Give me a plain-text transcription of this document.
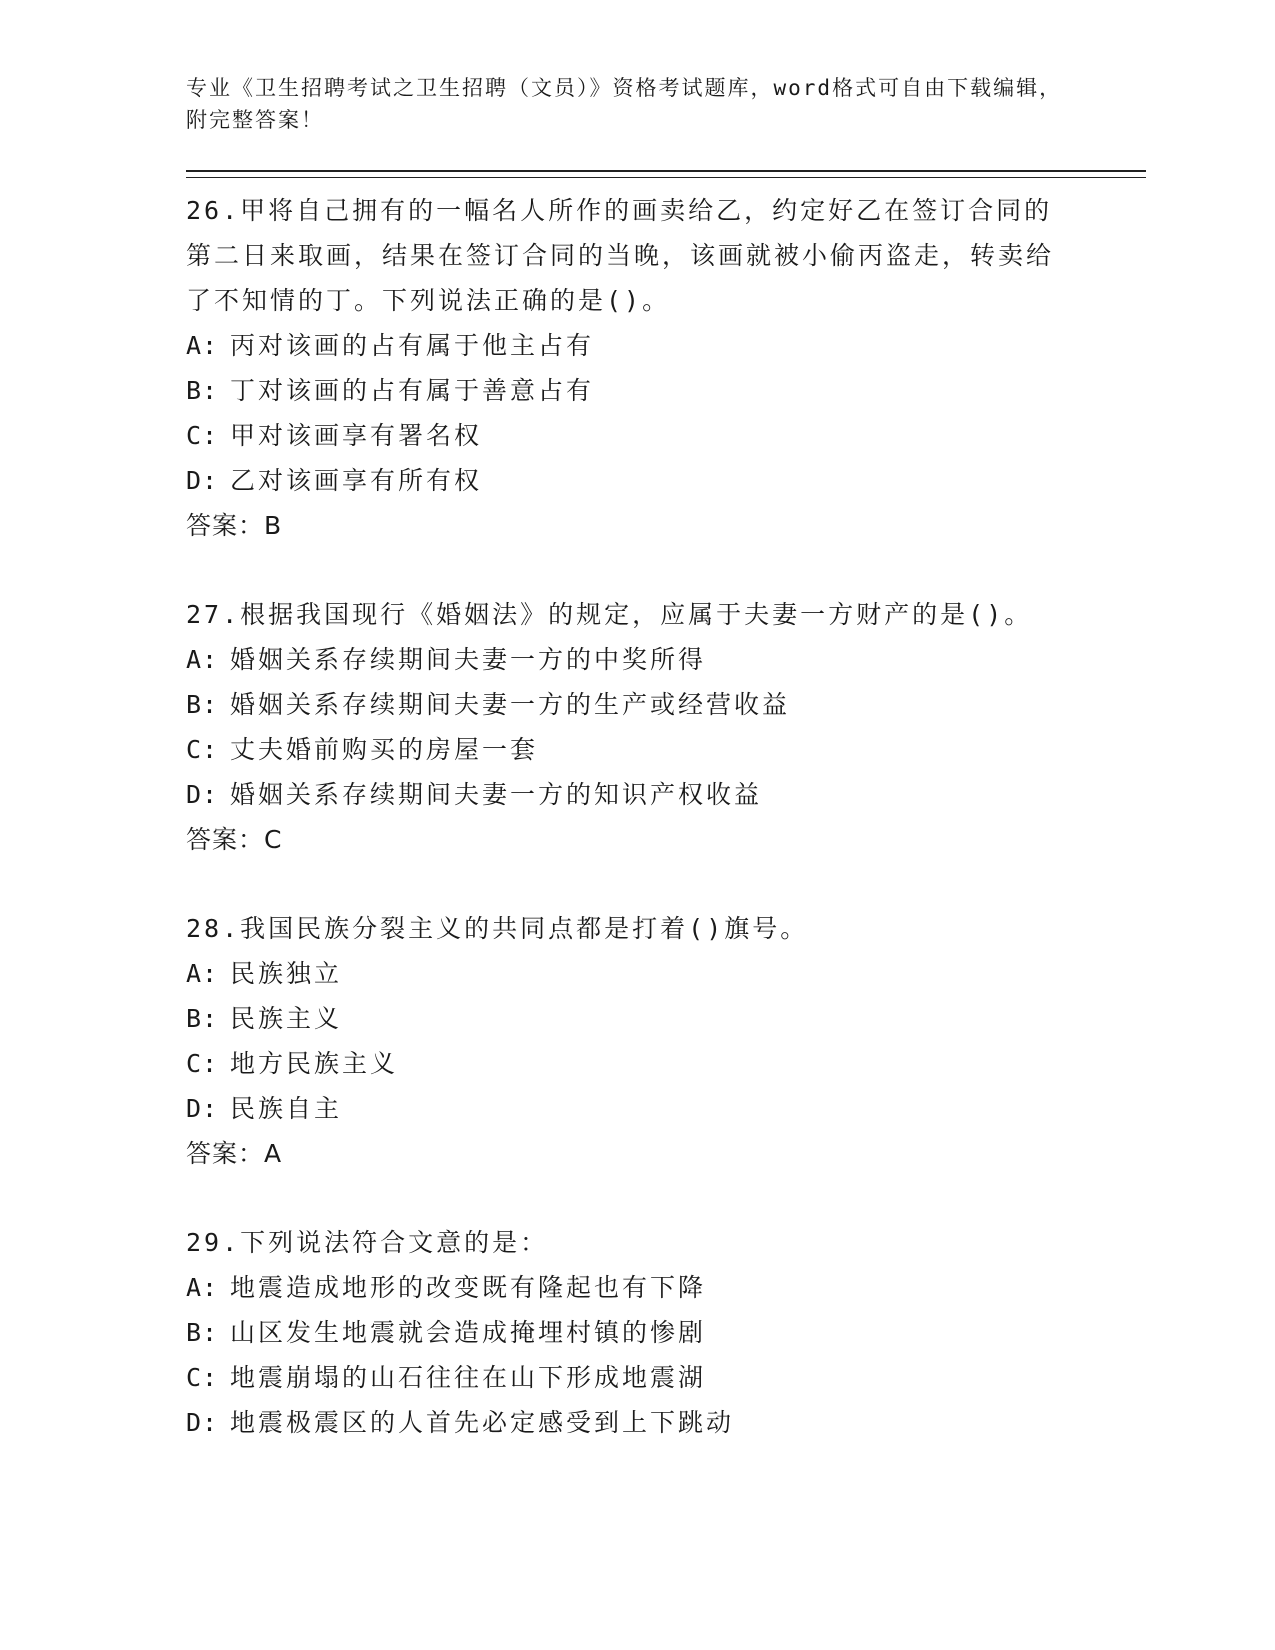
专业《卫生招聘考试之卫生招聘（文员）》资格考试题库，word格式可自由下载编辑，附完整答案！

26.甲将自己拥有的一幅名人所作的画卖给乙，约定好乙在签订合同的第二日来取画，结果在签订合同的当晚，该画就被小偷丙盗走，转卖给了不知情的丁。下列说法正确的是()。

A: 丙对该画的占有属于他主占有

B: 丁对该画的占有属于善意占有

C: 甲对该画享有署名权

D: 乙对该画享有所有权

答案：B

27.根据我国现行《婚姻法》的规定，应属于夫妻一方财产的是()。

A: 婚姻关系存续期间夫妻一方的中奖所得

B: 婚姻关系存续期间夫妻一方的生产或经营收益

C: 丈夫婚前购买的房屋一套

D: 婚姻关系存续期间夫妻一方的知识产权收益

答案：C

28.我国民族分裂主义的共同点都是打着()旗号。

A: 民族独立

B: 民族主义

C: 地方民族主义

D: 民族自主

答案：A

29.下列说法符合文意的是：

A: 地震造成地形的改变既有隆起也有下降

B: 山区发生地震就会造成掩埋村镇的惨剧

C: 地震崩塌的山石往往在山下形成地震湖

D: 地震极震区的人首先必定感受到上下跳动
